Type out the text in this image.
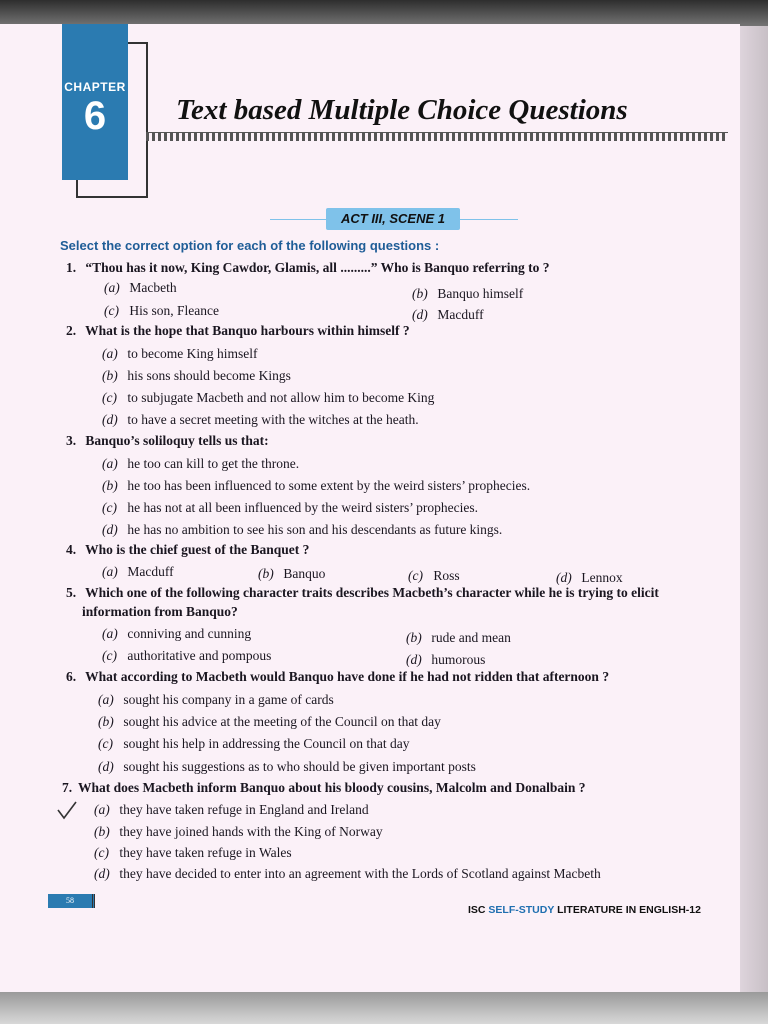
CHAPTER
6	Text based Multiple Choice Questions
ACT III, SCENE 1
Select the correct option for each of the following questions :
1. “Thou has it now, King Cawdor, Glamis, all .........” Who is Banquo referring to ?
(a) Macbeth	(b) Banquo himself
(c) His son, Fleance	(d) Macduff
2. What is the hope that Banquo harbours within himself ?
(a) to become King himself
(b) his sons should become Kings
(c) to subjugate Macbeth and not allow him to become King
(d) to have a secret meeting with the witches at the heath.
3. Banquo’s soliloquy tells us that:
(a) he too can kill to get the throne.
(b) he too has been influenced to some extent by the weird sisters’ prophecies.
(c) he has not at all been influenced by the weird sisters’ prophecies.
(d) he has no ambition to see his son and his descendants as future kings.
4. Who is the chief guest of the Banquet ?
(a) Macduff	(b) Banquo	(c) Ross	(d) Lennox
5. Which one of the following character traits describes Macbeth’s character while he is trying to elicit
information from Banquo?
(a) conniving and cunning	(b) rude and mean
(c) authoritative and pompous	(d) humorous
6. What according to Macbeth would Banquo have done if he had not ridden that afternoon ?
(a) sought his company in a game of cards
(b) sought his advice at the meeting of the Council on that day
(c) sought his help in addressing the Council on that day
(d) sought his suggestions as to who should be given important posts
7. What does Macbeth inform Banquo about his bloody cousins, Malcolm and Donalbain ?
(a) they have taken refuge in England and Ireland
(b) they have joined hands with the King of Norway
(c) they have taken refuge in Wales
(d) they have decided to enter into an agreement with the Lords of Scotland against Macbeth
58
ISC SELF-STUDY LITERATURE IN ENGLISH-12
